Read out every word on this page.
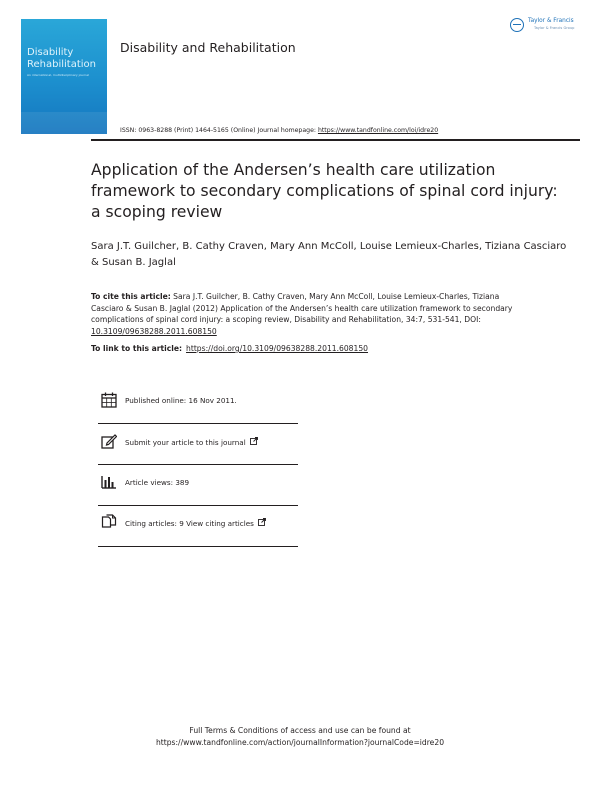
Disability
Rehabilitation
An international, multidisciplinary journal
Disability and Rehabilitation
Taylor & Francis
Taylor & Francis Group
ISSN: 0963-8288 (Print) 1464-5165 (Online) Journal homepage: https://www.tandfonline.com/loi/idre20
Application of the Andersen’s health care utilization framework to secondary complications of spinal cord injury: a scoping review
Sara J.T. Guilcher, B. Cathy Craven, Mary Ann McColl, Louise Lemieux-Charles, Tiziana Casciaro & Susan B. Jaglal
To cite this article: Sara J.T. Guilcher, B. Cathy Craven, Mary Ann McColl, Louise Lemieux-Charles, Tiziana Casciaro & Susan B. Jaglal (2012) Application of the Andersen’s health care utilization framework to secondary complications of spinal cord injury: a scoping review, Disability and Rehabilitation, 34:7, 531-541, DOI: 10.3109/09638288.2011.608150
To link to this article: https://doi.org/10.3109/09638288.2011.608150
Published online: 16 Nov 2011.
Submit your article to this journal
Article views: 389
Citing articles: 9 View citing articles
Full Terms & Conditions of access and use can be found at
https://www.tandfonline.com/action/journalInformation?journalCode=idre20
